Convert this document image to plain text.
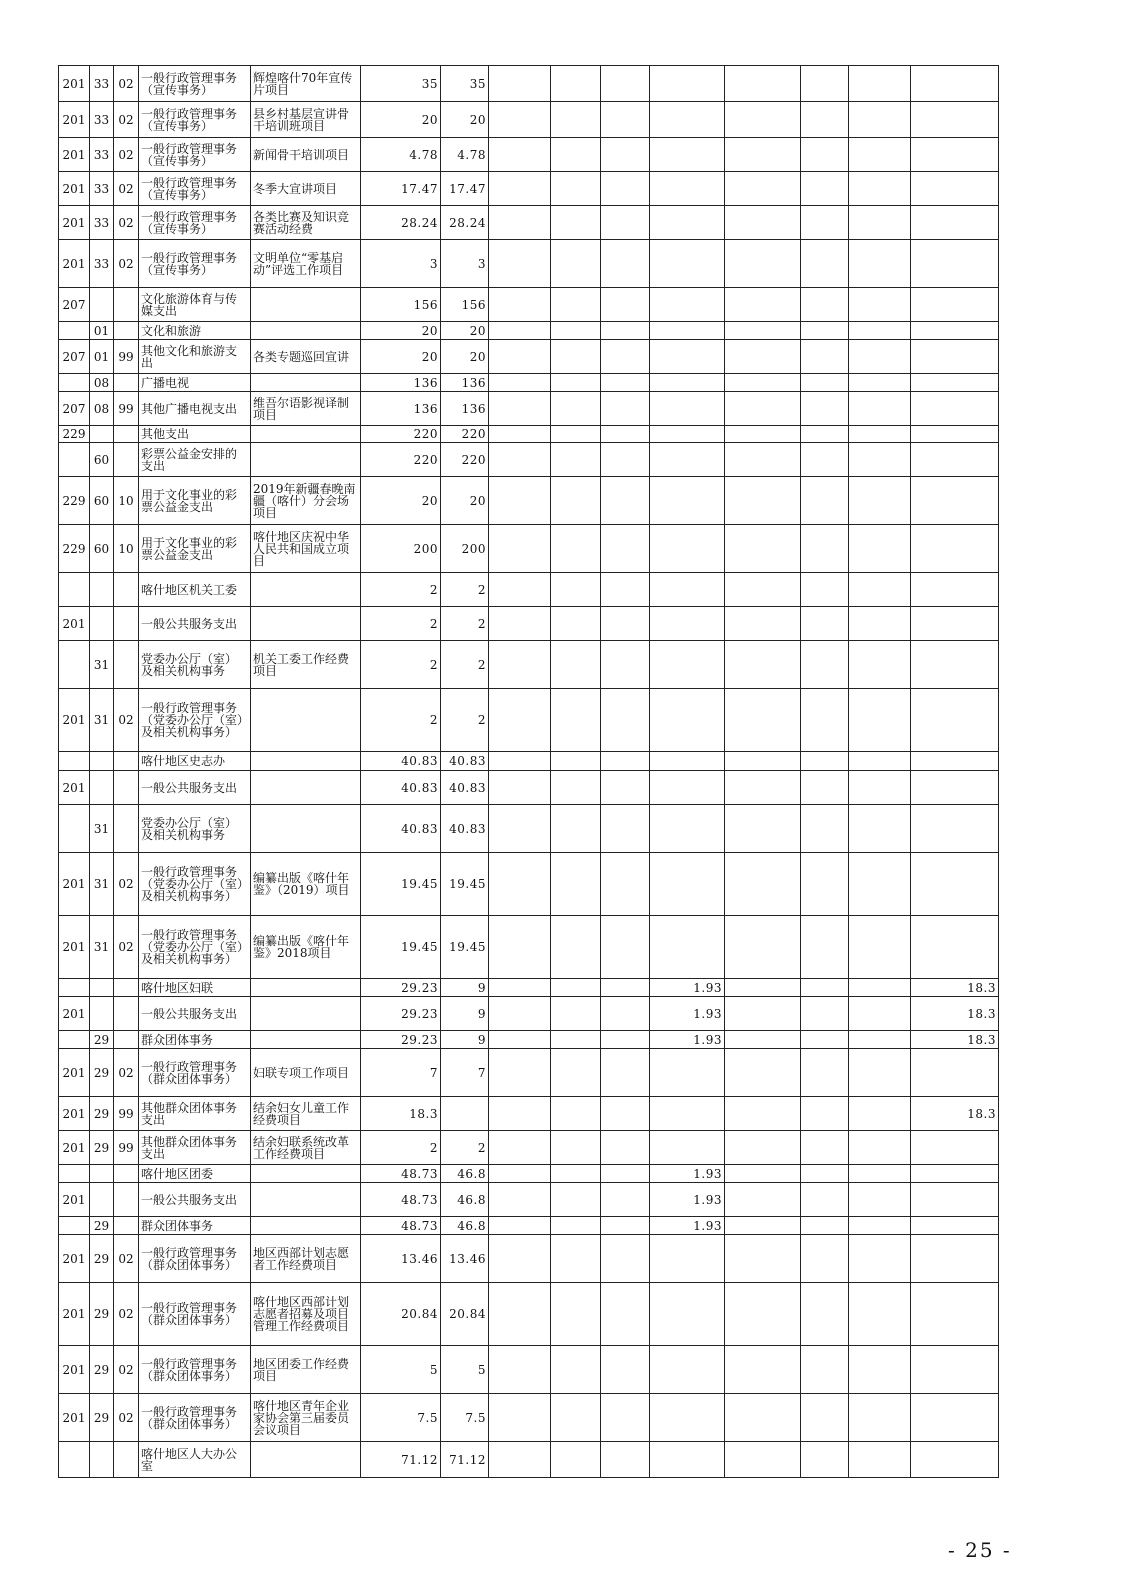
201	33	02	一般行政管理事务（宣传事务）	辉煌喀什70年宣传片项目	35	35								
201	33	02	一般行政管理事务（宣传事务）	县乡村基层宣讲骨干培训班项目	20	20								
201	33	02	一般行政管理事务（宣传事务）	新闻骨干培训项目	4.78	4.78								
201	33	02	一般行政管理事务（宣传事务）	冬季大宣讲项目	17.47	17.47								
201	33	02	一般行政管理事务（宣传事务）	各类比赛及知识竞赛活动经费	28.24	28.24								
201	33	02	一般行政管理事务（宣传事务）	文明单位“零基启动”评选工作项目	3	3								
207			文化旅游体育与传媒支出		156	156								
	01		文化和旅游		20	20								
207	01	99	其他文化和旅游支出	各类专题巡回宣讲	20	20								
	08		广播电视		136	136								
207	08	99	其他广播电视支出	维吾尔语影视译制项目	136	136								
229			其他支出		220	220								
	60		彩票公益金安排的支出		220	220								
229	60	10	用于文化事业的彩票公益金支出	2019年新疆春晚南疆（喀什）分会场项目	20	20								
229	60	10	用于文化事业的彩票公益金支出	喀什地区庆祝中华人民共和国成立项目	200	200								
			喀什地区机关工委		2	2								
201			一般公共服务支出		2	2								
	31		党委办公厅（室）及相关机构事务	机关工委工作经费项目	2	2								
201	31	02	一般行政管理事务（党委办公厅（室）及相关机构事务）		2	2								
			喀什地区史志办		40.83	40.83								
201			一般公共服务支出		40.83	40.83								
	31		党委办公厅（室）及相关机构事务		40.83	40.83								
201	31	02	一般行政管理事务（党委办公厅（室）及相关机构事务）	编纂出版《喀什年鉴》（2019）项目	19.45	19.45								
201	31	02	一般行政管理事务（党委办公厅（室）及相关机构事务）	编纂出版《喀什年鉴》2018项目	19.45	19.45								
			喀什地区妇联		29.23	9				1.93				18.3
201			一般公共服务支出		29.23	9				1.93				18.3
	29		群众团体事务		29.23	9				1.93				18.3
201	29	02	一般行政管理事务（群众团体事务）	妇联专项工作项目	7	7								
201	29	99	其他群众团体事务支出	结余妇女儿童工作经费项目	18.3									18.3
201	29	99	其他群众团体事务支出	结余妇联系统改革工作经费项目	2	2								
			喀什地区团委		48.73	46.8				1.93				
201			一般公共服务支出		48.73	46.8				1.93				
	29		群众团体事务		48.73	46.8				1.93				
201	29	02	一般行政管理事务（群众团体事务）	地区西部计划志愿者工作经费项目	13.46	13.46								
201	29	02	一般行政管理事务（群众团体事务）	喀什地区西部计划志愿者招募及项目管理工作经费项目	20.84	20.84								
201	29	02	一般行政管理事务（群众团体事务）	地区团委工作经费项目	5	5								
201	29	02	一般行政管理事务（群众团体事务）	喀什地区青年企业家协会第三届委员会议项目	7.5	7.5								
			喀什地区人大办公室		71.12	71.12								
- 25 -
